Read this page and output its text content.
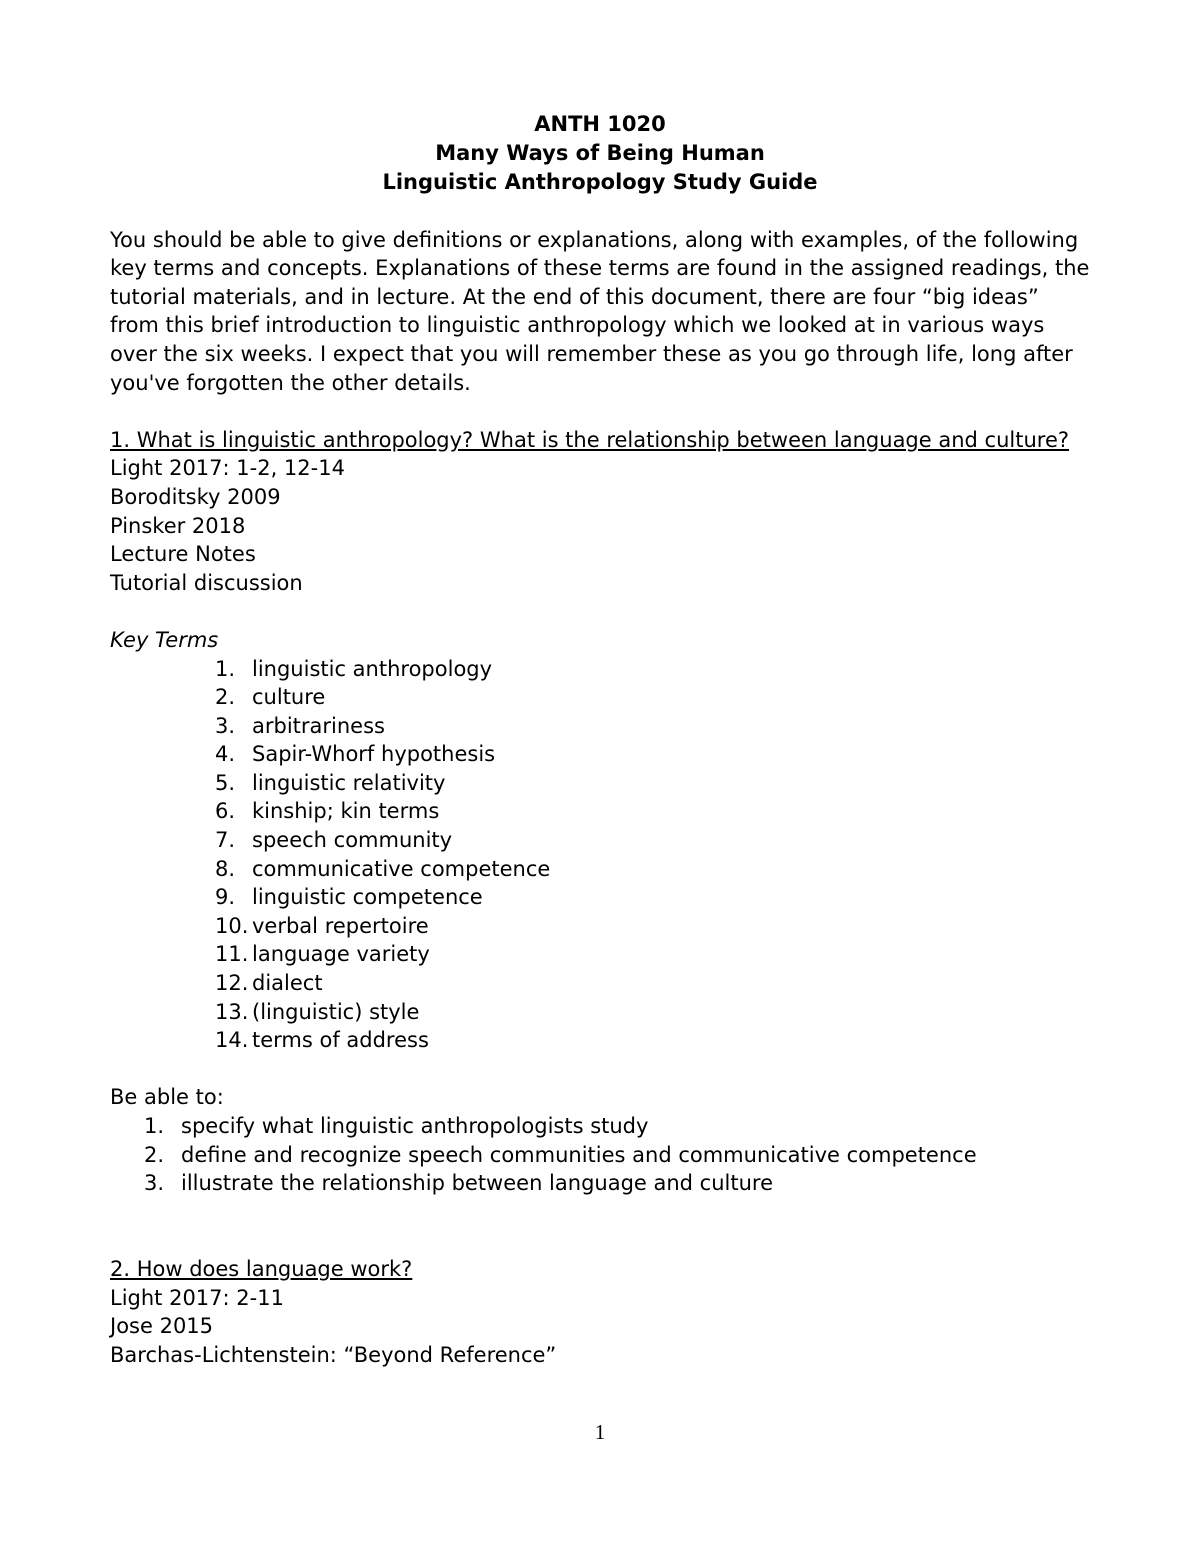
ANTH 1020
Many Ways of Being Human
Linguistic Anthropology Study Guide

You should be able to give definitions or explanations, along with examples, of the following key terms and concepts. Explanations of these terms are found in the assigned readings, the tutorial materials, and in lecture. At the end of this document, there are four “big ideas” from this brief introduction to linguistic anthropology which we looked at in various ways over the six weeks. I expect that you will remember these as you go through life, long after you've forgotten the other details.

1. What is linguistic anthropology? What is the relationship between language and culture?
Light 2017: 1-2, 12-14
Boroditsky 2009
Pinsker 2018
Lecture Notes
Tutorial discussion
Key Terms
1. linguistic anthropology
2. culture
3. arbitrariness
4. Sapir-Whorf hypothesis
5. linguistic relativity
6. kinship; kin terms
7. speech community
8. communicative competence
9. linguistic competence
10. verbal repertoire
11. language variety
12. dialect
13. (linguistic) style
14. terms of address
Be able to:
1. specify what linguistic anthropologists study
2. define and recognize speech communities and communicative competence
3. illustrate the relationship between language and culture
2. How does language work?
Light 2017: 2-11
Jose 2015
Barchas-Lichtenstein: “Beyond Reference”
1
